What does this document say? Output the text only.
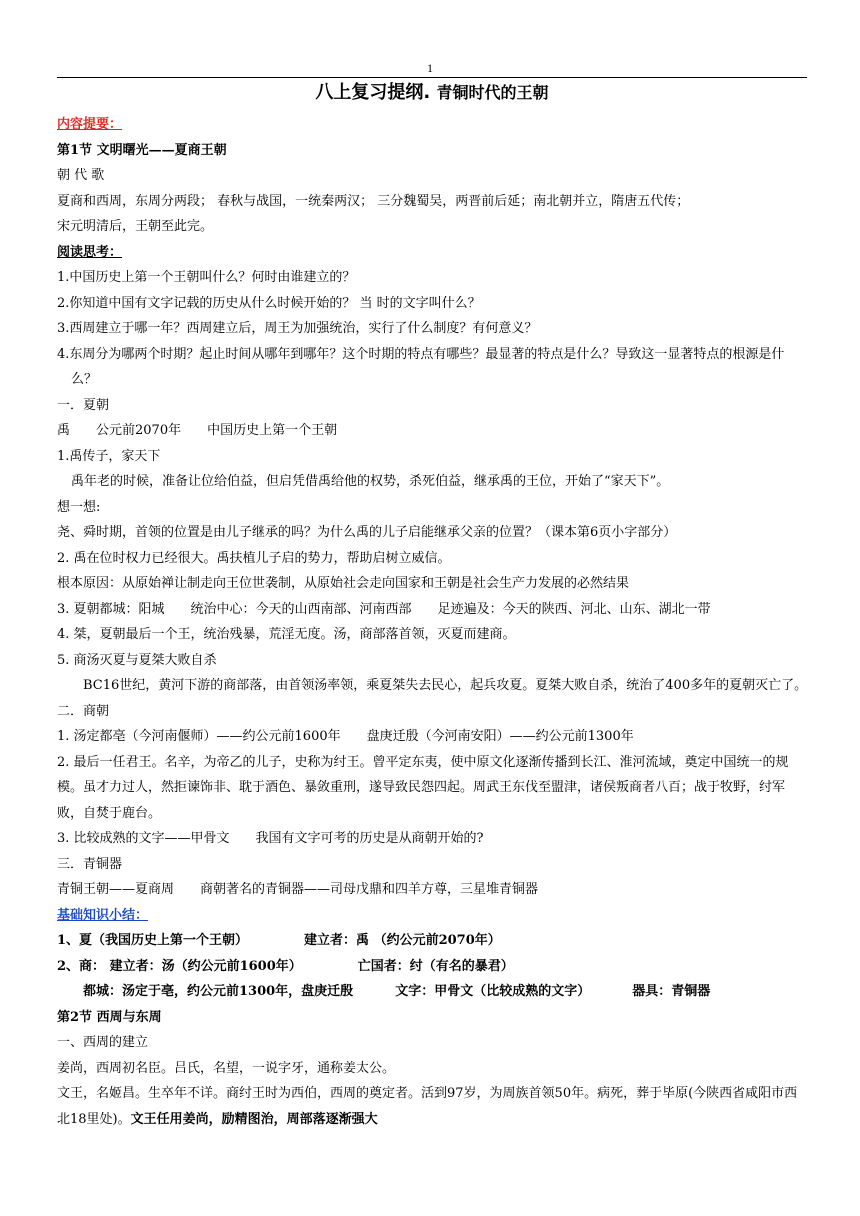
1
八上复习提纲. 青铜时代的王朝
内容提要：
第1节 文明曙光——夏商王朝
朝 代 歌
夏商和西周，东周分两段； 春秋与战国，一统秦两汉； 三分魏蜀吴，两晋前后延；南北朝并立，隋唐五代传；
宋元明清后，王朝至此完。
阅读思考：
1.中国历史上第一个王朝叫什么？何时由谁建立的？
2.你知道中国有文字记载的历史从什么时候开始的？ 当 时的文字叫什么？
3.西周建立于哪一年？西周建立后，周王为加强统治，实行了什么制度？有何意义？
4.东周分为哪两个时期？起止时间从哪年到哪年？这个时期的特点有哪些？最显著的特点是什么？导致这一显著特点的根源是什么？
一．夏朝
禹 公元前2070年 中国历史上第一个王朝
1.禹传子，家天下
禹年老的时候，准备让位给伯益，但启凭借禹给他的权势，杀死伯益，继承禹的王位，开始了“家天下”。
想一想:
尧、舜时期，首领的位置是由儿子继承的吗？为什么禹的儿子启能继承父亲的位置？（课本第6页小字部分）
2. 禹在位时权力已经很大。禹扶植儿子启的势力，帮助启树立威信。
根本原因：从原始禅让制走向王位世袭制，从原始社会走向国家和王朝是社会生产力发展的必然结果
3. 夏朝都城：阳城 统治中心：今天的山西南部、河南西部 足迹遍及：今天的陕西、河北、山东、湖北一带
4. 桀，夏朝最后一个王，统治残暴，荒淫无度。汤，商部落首领，灭夏而建商。
5. 商汤灭夏与夏桀大败自杀
BC16世纪，黄河下游的商部落，由首领汤率领，乘夏桀失去民心，起兵攻夏。夏桀大败自杀，统治了400多年的夏朝灭亡了。
二．商朝
1. 汤定都亳（今河南偃师）——约公元前1600年 盘庚迁殷（今河南安阳）——约公元前1300年
2. 最后一任君王。名辛，为帝乙的儿子，史称为纣王。曾平定东夷，使中原文化逐渐传播到长江、淮河流域，奠定中国统一的规模。虽才力过人，然拒谏饰非、耽于酒色、暴敛重刑，遂导致民怨四起。周武王东伐至盟津，诸侯叛商者八百；战于牧野，纣军败，自焚于鹿台。
3. 比较成熟的文字——甲骨文 我国有文字可考的历史是从商朝开始的?
三．青铜器
青铜王朝——夏商周 商朝著名的青铜器——司母戊鼎和四羊方尊，三星堆青铜器
基础知识小结：
1、夏（我国历史上第一个王朝）	建立者：禹 （约公元前2070年）
2、商： 建立者：汤（约公元前1600年）	亡国者：纣（有名的暴君）
都城：汤定于亳，约公元前1300年，盘庚迁殷	文字：甲骨文（比较成熟的文字）	器具：青铜器
第2节 西周与东周
一、西周的建立
姜尚，西周初名臣。吕氏，名望，一说字牙，通称姜太公。
文王，名姬昌。生卒年不详。商纣王时为西伯，西周的奠定者。活到97岁，为周族首领50年。病死，葬于毕原(今陕西省咸阳市西北18里处)。文王任用姜尚，励精图治，周部落逐渐强大
